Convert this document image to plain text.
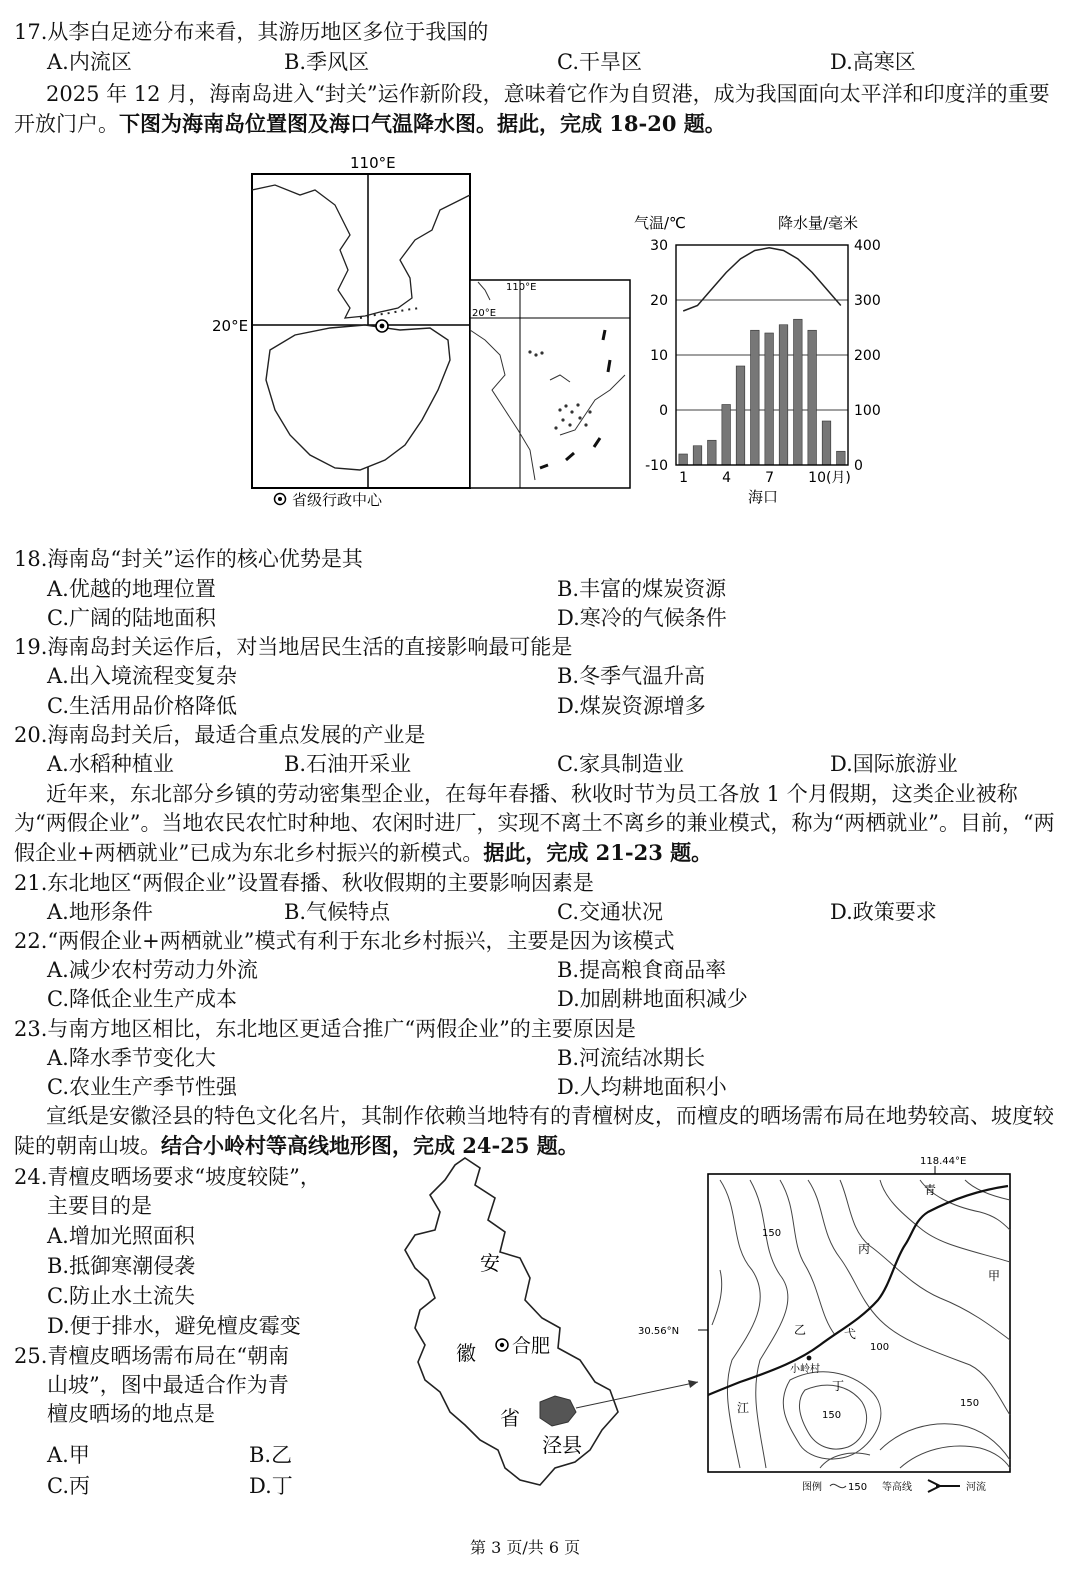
17.从李白足迹分布来看，其游历地区多位于我国的
A.内流区	B.季风区	C.干旱区	D.高寒区
2025 年 12 月，海南岛进入“封关”运作新阶段，意味着它作为自贸港，成为我国面向太平洋和印度洋的重要开放门户。下图为海南岛位置图及海口气温降水图。据此，完成 18-20 题。
110°E
20°E
省级行政中心
110°E
20°E
气温/℃	降水量/毫米
30
20
10
0
-10
400
300
200
100
0
1 4 7 10(月)
海口
18.海南岛“封关”运作的核心优势是其
A.优越的地理位置	B.丰富的煤炭资源
C.广阔的陆地面积	D.寒冷的气候条件
19.海南岛封关运作后，对当地居民生活的直接影响最可能是
A.出入境流程变复杂	B.冬季气温升高
C.生活用品价格降低	D.煤炭资源增多
20.海南岛封关后，最适合重点发展的产业是
A.水稻种植业	B.石油开采业	C.家具制造业	D.国际旅游业
近年来，东北部分乡镇的劳动密集型企业，在每年春播、秋收时节为员工各放 1 个月假期，这类企业被称为“两假企业”。当地农民农忙时种地、农闲时进厂，实现不离土不离乡的兼业模式，称为“两栖就业”。目前，“两假企业+两栖就业”已成为东北乡村振兴的新模式。据此，完成 21-23 题。
21.东北地区“两假企业”设置春播、秋收假期的主要影响因素是
A.地形条件	B.气候特点	C.交通状况	D.政策要求
22.“两假企业+两栖就业”模式有利于东北乡村振兴，主要是因为该模式
A.减少农村劳动力外流	B.提高粮食商品率
C.降低企业生产成本	D.加剧耕地面积减少
23.与南方地区相比，东北地区更适合推广“两假企业”的主要原因是
A.降水季节变化大	B.河流结冰期长
C.农业生产季节性强	D.人均耕地面积小
宣纸是安徽泾县的特色文化名片，其制作依赖当地特有的青檀树皮，而檀皮的晒场需布局在地势较高、坡度较陡的朝南山坡。结合小岭村等高线地形图，完成 24-25 题。
24.青檀皮晒场要求“坡度较陡”，
主要目的是
A.增加光照面积
B.抵御寒潮侵袭
C.防止水土流失
D.便于排水，避免檀皮霉变
25.青檀皮晒场需布局在“朝南
山坡”，图中最适合作为青
檀皮晒场的地点是
A.甲	B.乙
C.丙	D.丁
安
徽
省
合肥
泾县
118.44°E
30.56°N
青
弋
江
甲
乙
丙
丁
小岭村
150
100
150
150
图例	150 等高线	河流
第 3 页/共 6 页
